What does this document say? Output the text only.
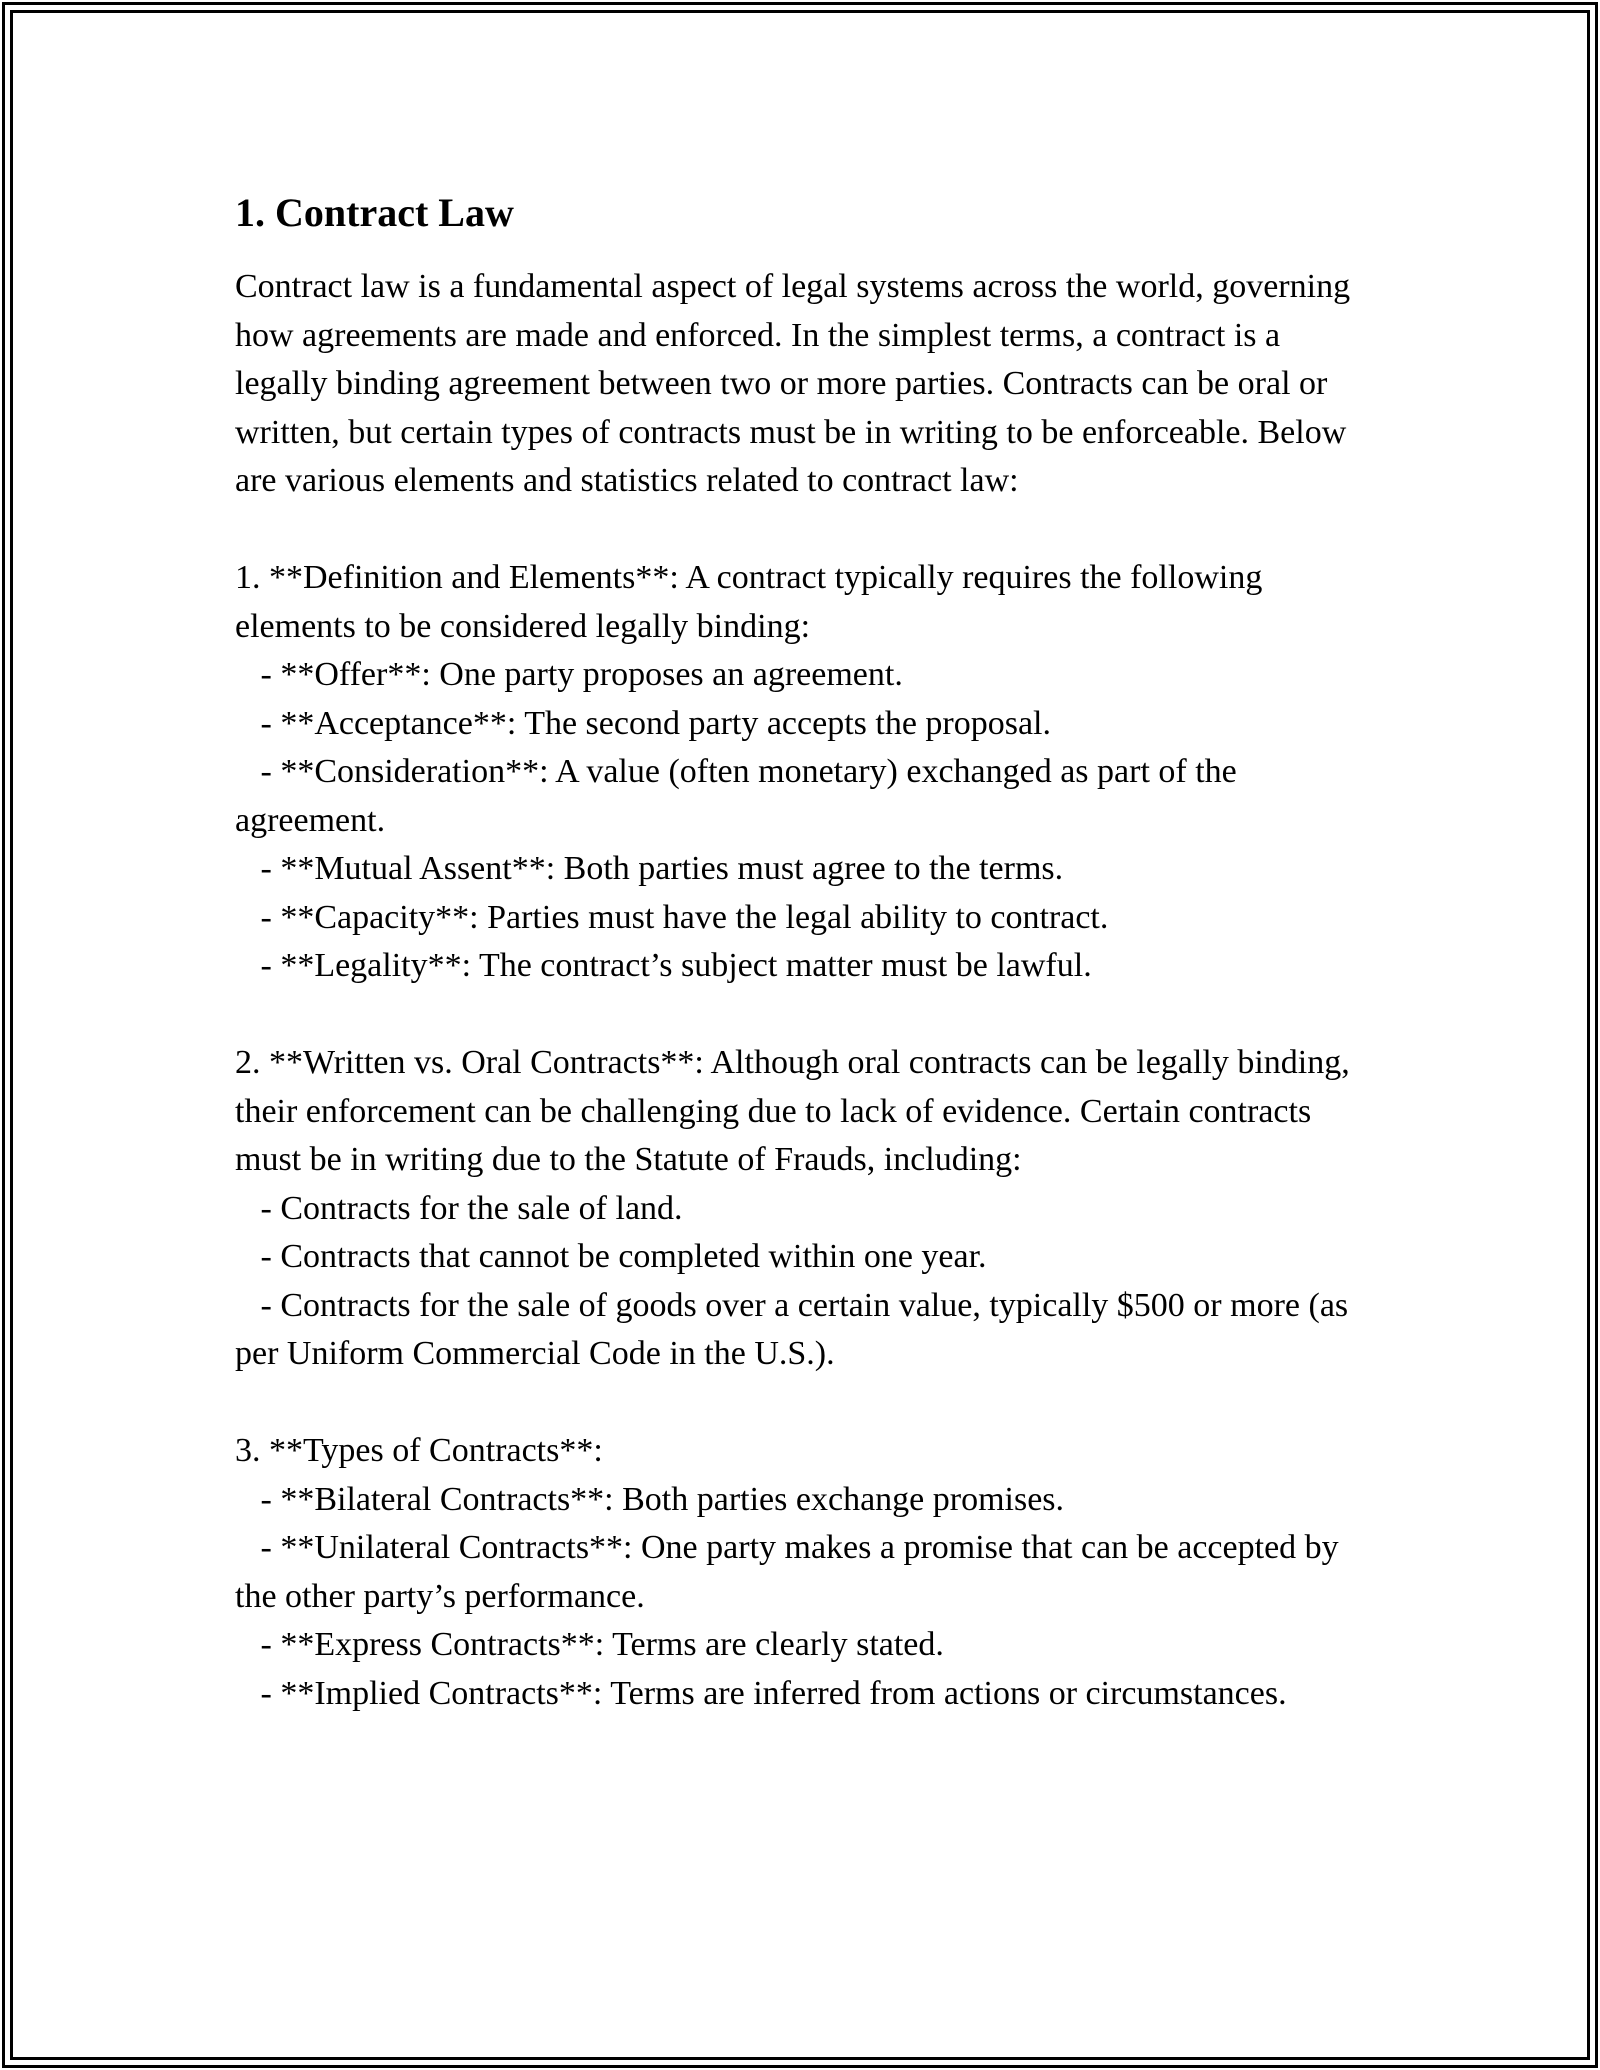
1. Contract Law

Contract law is a fundamental aspect of legal systems across the world, governing how agreements are made and enforced. In the simplest terms, a contract is a legally binding agreement between two or more parties. Contracts can be oral or written, but certain types of contracts must be in writing to be enforceable. Below are various elements and statistics related to contract law:

1. **Definition and Elements**: A contract typically requires the following elements to be considered legally binding:

- **Offer**: One party proposes an agreement.

- **Acceptance**: The second party accepts the proposal.

- **Consideration**: A value (often monetary) exchanged as part of the agreement.

- **Mutual Assent**: Both parties must agree to the terms.

- **Capacity**: Parties must have the legal ability to contract.

- **Legality**: The contract’s subject matter must be lawful.

2. **Written vs. Oral Contracts**: Although oral contracts can be legally binding, their enforcement can be challenging due to lack of evidence. Certain contracts must be in writing due to the Statute of Frauds, including:

- Contracts for the sale of land.

- Contracts that cannot be completed within one year.

- Contracts for the sale of goods over a certain value, typically $500 or more (as per Uniform Commercial Code in the U.S.).

3. **Types of Contracts**:

- **Bilateral Contracts**: Both parties exchange promises.

- **Unilateral Contracts**: One party makes a promise that can be accepted by the other party’s performance.

- **Express Contracts**: Terms are clearly stated.

- **Implied Contracts**: Terms are inferred from actions or circumstances.
